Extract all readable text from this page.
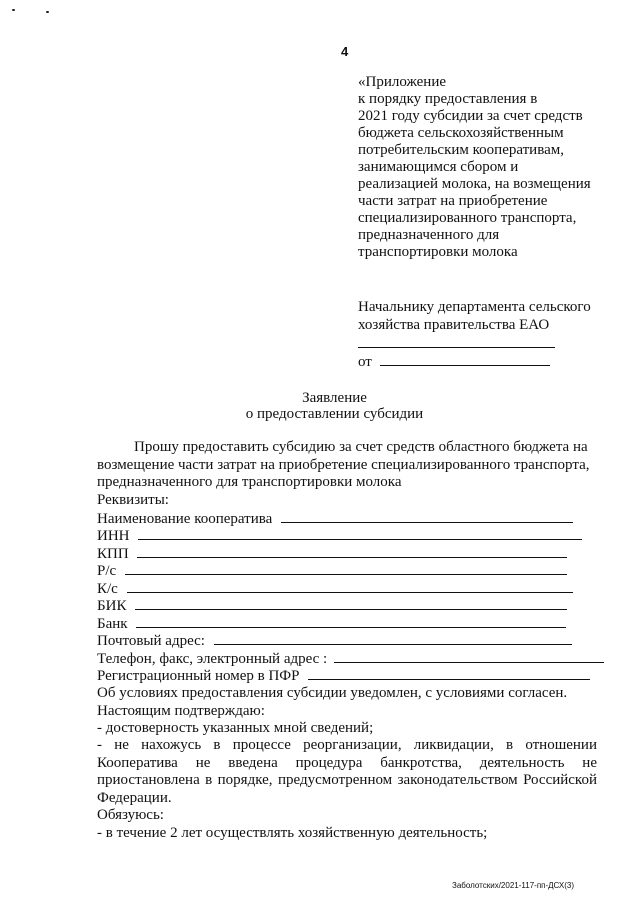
4
«Приложение
к порядку предоставления в
2021 году субсидии за счет средств
бюджета сельскохозяйственным
потребительским кооперативам,
занимающимся сбором и
реализацией молока, на возмещения
части затрат на приобретение
специализированного транспорта,
предназначенного для
транспортировки молока
Начальнику департамента сельского
хозяйства правительства ЕАО
от
Заявление
о предоставлении субсидии
Прошу предоставить субсидию за счет средств областного бюджета на
возмещение части затрат на приобретение специализированного транспорта,
предназначенного для транспортировки молока
Реквизиты:
Наименование кооператива
ИНН
КПП
Р/с
К/с
БИК
Банк
Почтовый адрес:
Телефон, факс, электронный адрес :
Регистрационный номер в ПФР
Об условиях предоставления субсидии уведомлен, с условиями согласен.
Настоящим подтверждаю:
- достоверность указанных мной сведений;
- не нахожусь в процессе реорганизации, ликвидации, в отношении
Кооператива не введена процедура банкротства, деятельность не
приостановлена в порядке, предусмотренном законодательством Российской
Федерации.
Обязуюсь:
- в течение 2 лет осуществлять хозяйственную деятельность;
Заболотских/2021-117-пп-ДСХ(3)
